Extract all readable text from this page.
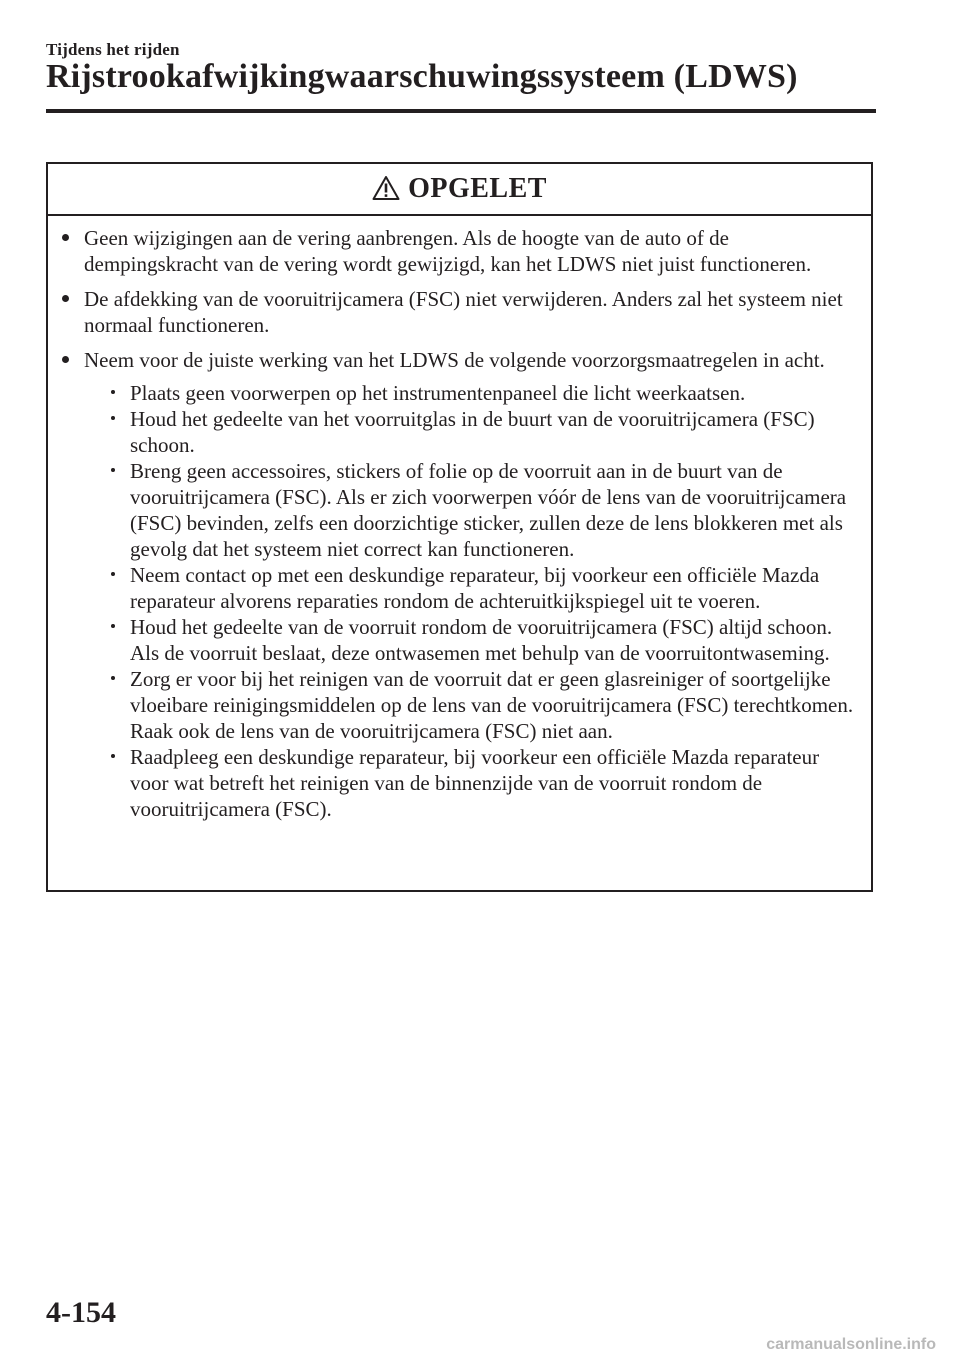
Tijdens het rijden
Rijstrookafwijkingwaarschuwingssysteem (LDWS)
OPGELET
Geen wijzigingen aan de vering aanbrengen. Als de hoogte van de auto of de dempingskracht van de vering wordt gewijzigd, kan het LDWS niet juist functioneren.
De afdekking van de vooruitrijcamera (FSC) niet verwijderen. Anders zal het systeem niet normaal functioneren.
Neem voor de juiste werking van het LDWS de volgende voorzorgsmaatregelen in acht.
Plaats geen voorwerpen op het instrumentenpaneel die licht weerkaatsen.
Houd het gedeelte van het voorruitglas in de buurt van de vooruitrijcamera (FSC) schoon.
Breng geen accessoires, stickers of folie op de voorruit aan in de buurt van de vooruitrijcamera (FSC). Als er zich voorwerpen vóór de lens van de vooruitrijcamera (FSC) bevinden, zelfs een doorzichtige sticker, zullen deze de lens blokkeren met als gevolg dat het systeem niet correct kan functioneren.
Neem contact op met een deskundige reparateur, bij voorkeur een officiële Mazda reparateur alvorens reparaties rondom de achteruitkijkspiegel uit te voeren.
Houd het gedeelte van de voorruit rondom de vooruitrijcamera (FSC) altijd schoon. Als de voorruit beslaat, deze ontwasemen met behulp van de voorruitontwaseming.
Zorg er voor bij het reinigen van de voorruit dat er geen glasreiniger of soortgelijke vloeibare reinigingsmiddelen op de lens van de vooruitrijcamera (FSC) terechtkomen. Raak ook de lens van de vooruitrijcamera (FSC) niet aan.
Raadpleeg een deskundige reparateur, bij voorkeur een officiële Mazda reparateur voor wat betreft het reinigen van de binnenzijde van de voorruit rondom de vooruitrijcamera (FSC).
4-154
carmanualsonline.info
